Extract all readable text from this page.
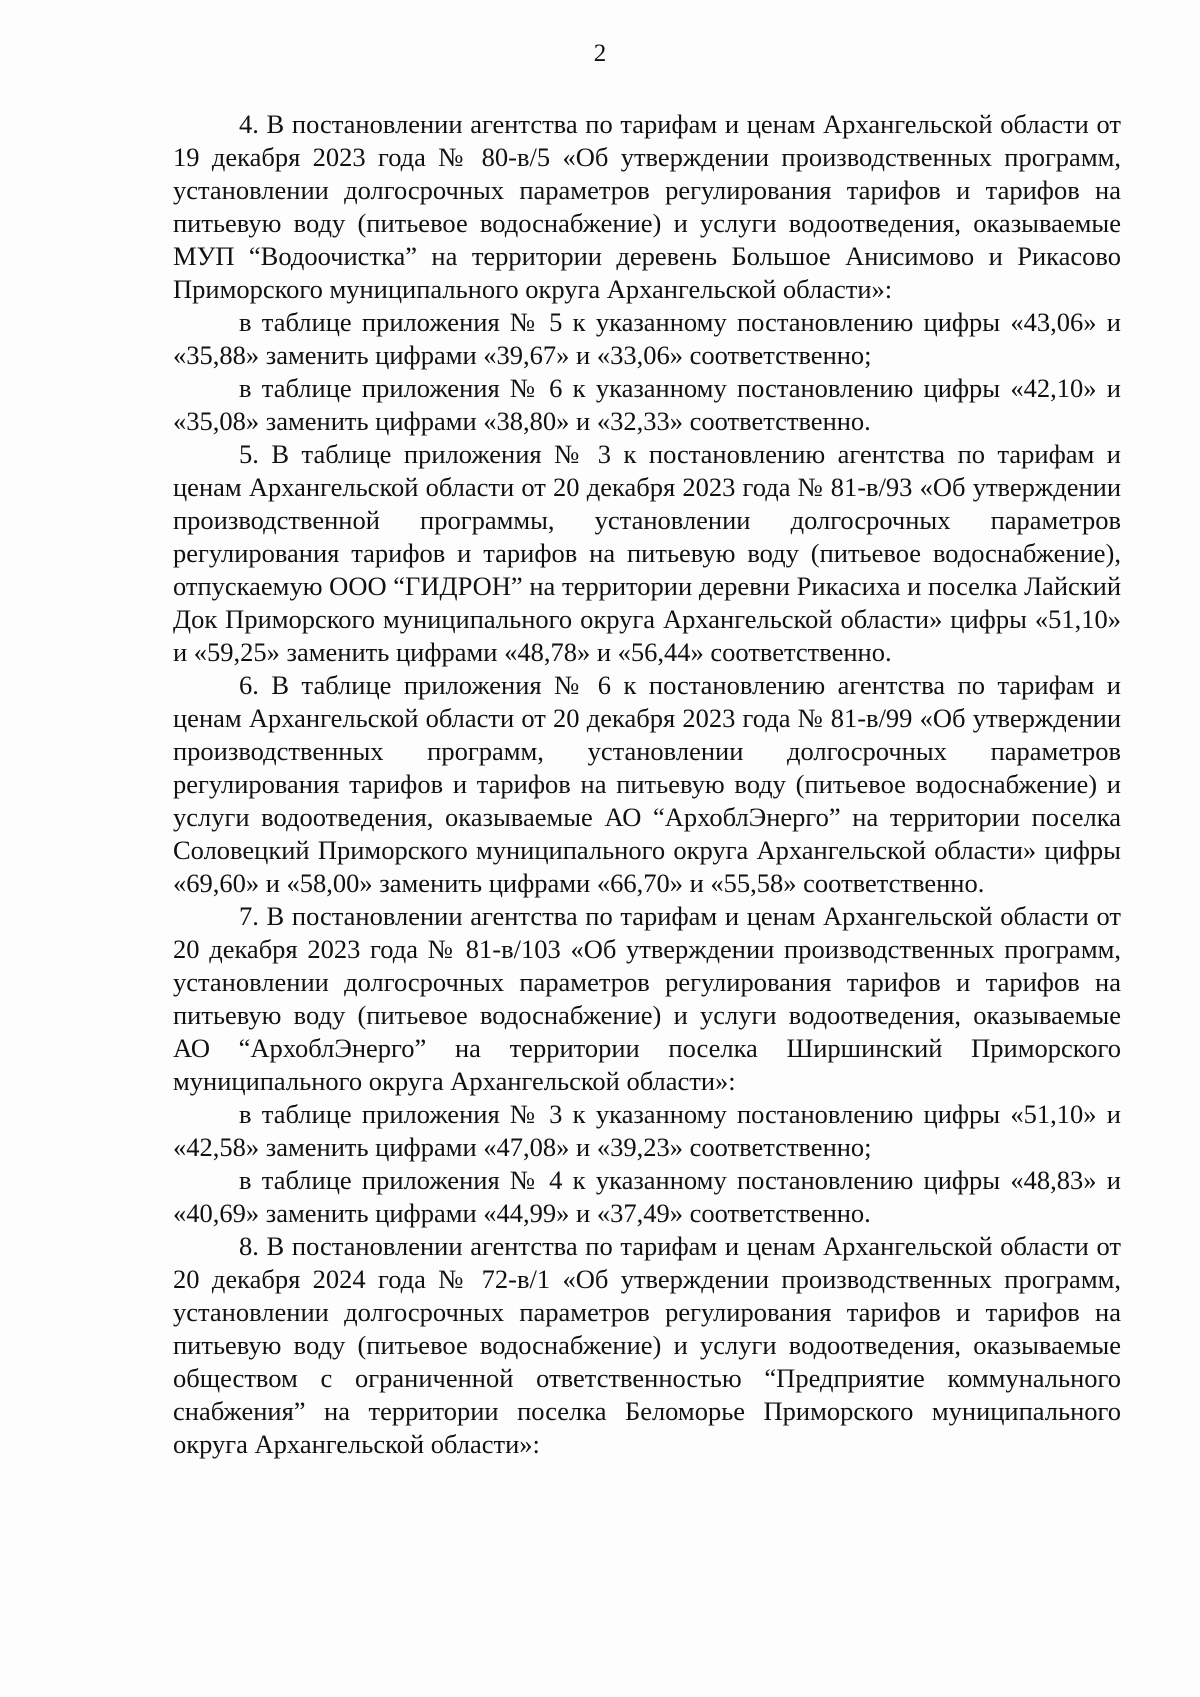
2

4. В постановлении агентства по тарифам и ценам Архангельской области от 19 декабря 2023 года № 80-в/5 «Об утверждении производственных программ, установлении долгосрочных параметров регулирования тарифов и тарифов на питьевую воду (питьевое водоснабжение) и услуги водоотведения, оказываемые МУП “Водоочистка” на территории деревень Большое Анисимово и Рикасово Приморского муниципального округа Архангельской области»:

в таблице приложения № 5 к указанному постановлению цифры «43,06» и «35,88» заменить цифрами «39,67» и «33,06» соответственно;

в таблице приложения № 6 к указанному постановлению цифры «42,10» и «35,08» заменить цифрами «38,80» и «32,33» соответственно.

5. В таблице приложения № 3 к постановлению агентства по тарифам и ценам Архангельской области от 20 декабря 2023 года № 81-в/93 «Об утверждении производственной программы, установлении долгосрочных параметров регулирования тарифов и тарифов на питьевую воду (питьевое водоснабжение), отпускаемую ООО “ГИДРОН” на территории деревни Рикасиха и поселка Лайский Док Приморского муниципального округа Архангельской области» цифры «51,10» и «59,25» заменить цифрами «48,78» и «56,44» соответственно.

6. В таблице приложения № 6 к постановлению агентства по тарифам и ценам Архангельской области от 20 декабря 2023 года № 81-в/99 «Об утверждении производственных программ, установлении долгосрочных параметров регулирования тарифов и тарифов на питьевую воду (питьевое водоснабжение) и услуги водоотведения, оказываемые АО “АрхоблЭнерго” на территории поселка Соловецкий Приморского муниципального округа Архангельской области» цифры «69,60» и «58,00» заменить цифрами «66,70» и «55,58» соответственно.

7. В постановлении агентства по тарифам и ценам Архангельской области от 20 декабря 2023 года № 81-в/103 «Об утверждении производственных программ, установлении долгосрочных параметров регулирования тарифов и тарифов на питьевую воду (питьевое водоснабжение) и услуги водоотведения, оказываемые АО “АрхоблЭнерго” на территории поселка Ширшинский Приморского муниципального округа Архангельской области»:

в таблице приложения № 3 к указанному постановлению цифры «51,10» и «42,58» заменить цифрами «47,08» и «39,23» соответственно;

в таблице приложения № 4 к указанному постановлению цифры «48,83» и «40,69» заменить цифрами «44,99» и «37,49» соответственно.

8. В постановлении агентства по тарифам и ценам Архангельской области от 20 декабря 2024 года № 72-в/1 «Об утверждении производственных программ, установлении долгосрочных параметров регулирования тарифов и тарифов на питьевую воду (питьевое водоснабжение) и услуги водоотведения, оказываемые обществом с ограниченной ответственностью “Предприятие коммунального снабжения” на территории поселка Беломорье Приморского муниципального округа Архангельской области»:
